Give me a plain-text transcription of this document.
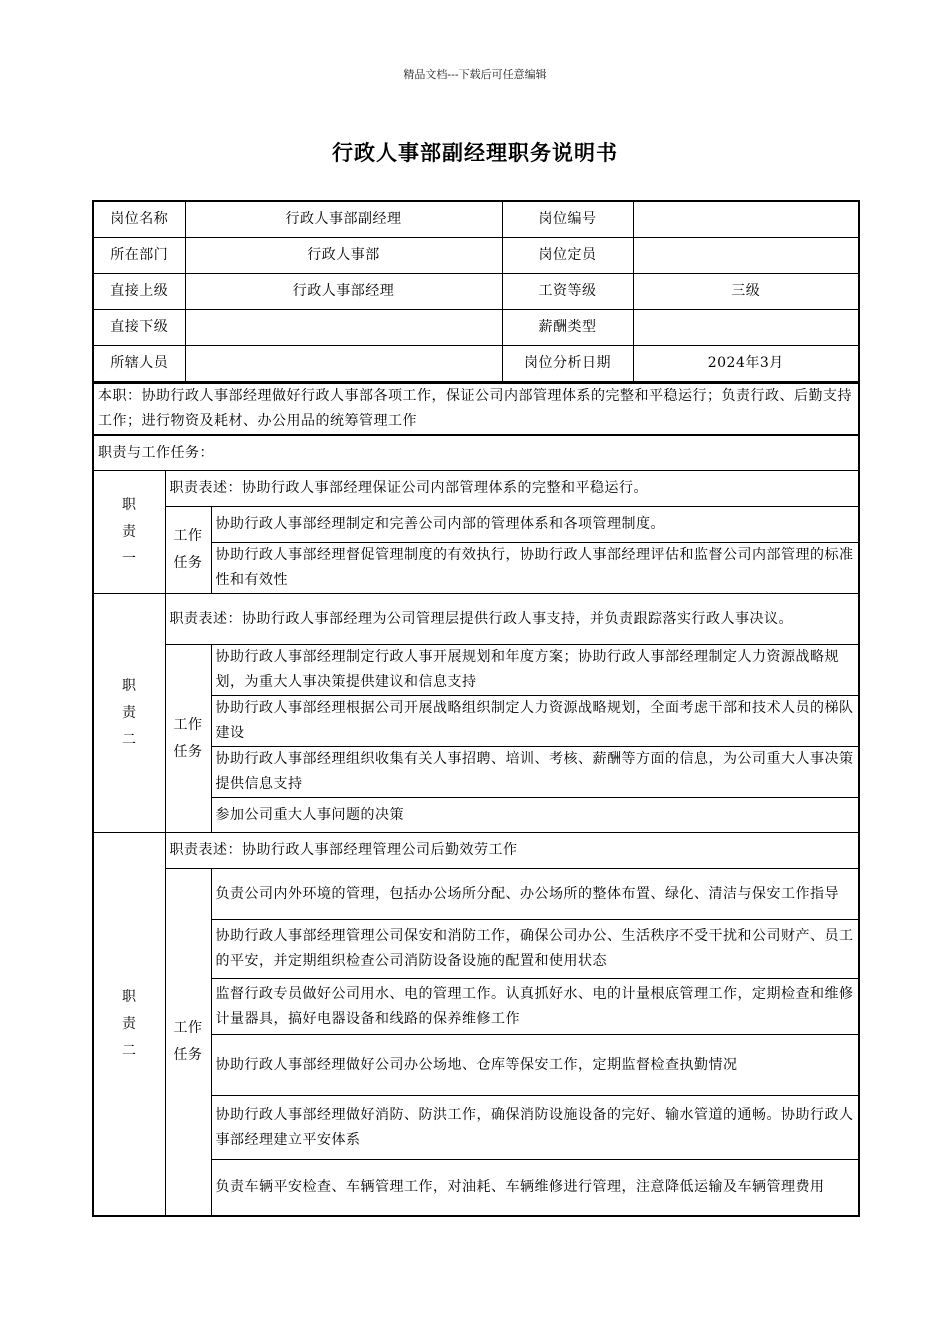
精品文档---下载后可任意编辑
行政人事部副经理职务说明书
岗位名称	行政人事部副经理	岗位编号	
所在部门	行政人事部	岗位定员	
直接上级	行政人事部经理	工资等级	三级
直接下级		薪酬类型	
所辖人员		岗位分析日期	2024年3月
本职：协助行政人事部经理做好行政人事部各项工作，保证公司内部管理体系的完整和平稳运行；负责行政、后勤支持工作；进行物资及耗材、办公用品的统筹管理工作		
职责与工作任务：		

职
责
一	职责表述：协助行政人事部经理保证公司内部管理体系的完整和平稳运行。	

	工作
任务	协助行政人事部经理制定和完善公司内部的管理体系和各项管理制度。
		协助行政人事部经理督促管理制度的有效执行，协助行政人事部经理评估和监督公司内部管理的标准性和有效性

职
责
二	职责表述：协助行政人事部经理为公司管理层提供行政人事支持，并负责跟踪落实行政人事决议。	

	工作
任务	协助行政人事部经理制定行政人事开展规划和年度方案；协助行政人事部经理制定人力资源战略规划，为重大人事决策提供建议和信息支持
		协助行政人事部经理根据公司开展战略组织制定人力资源战略规划，全面考虑干部和技术人员的梯队建设
		协助行政人事部经理组织收集有关人事招聘、培训、考核、薪酬等方面的信息，为公司重大人事决策提供信息支持
		参加公司重大人事问题的决策

职
责
二	职责表述：协助行政人事部经理管理公司后勤效劳工作	

	工作
任务	负责公司内外环境的管理，包括办公场所分配、办公场所的整体布置、绿化、清洁与保安工作指导
		协助行政人事部经理管理公司保安和消防工作，确保公司办公、生活秩序不受干扰和公司财产、员工的平安，并定期组织检查公司消防设备设施的配置和使用状态
		监督行政专员做好公司用水、电的管理工作。认真抓好水、电的计量根底管理工作，定期检查和维修计量器具，搞好电器设备和线路的保养维修工作
		协助行政人事部经理做好公司办公场地、仓库等保安工作，定期监督检查执勤情况
		协助行政人事部经理做好消防、防洪工作，确保消防设施设备的完好、输水管道的通畅。协助行政人事部经理建立平安体系
		负责车辆平安检查、车辆管理工作，对油耗、车辆维修进行管理，注意降低运输及车辆管理费用
